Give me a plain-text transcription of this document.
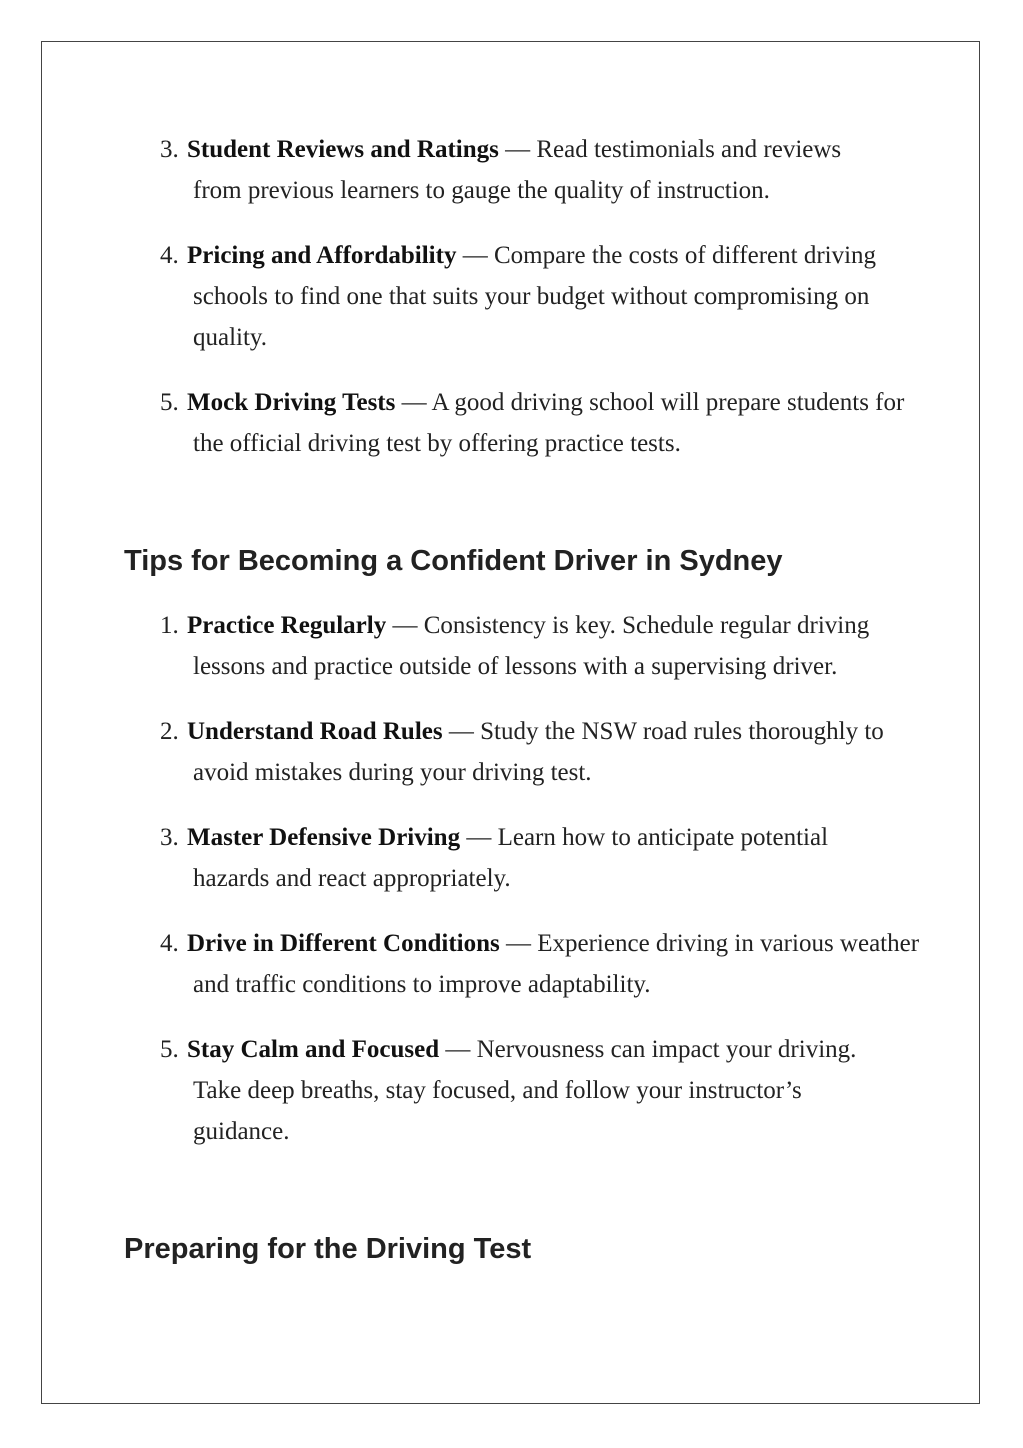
3. Student Reviews and Ratings — Read testimonials and reviews from previous learners to gauge the quality of instruction.
4. Pricing and Affordability — Compare the costs of different driving schools to find one that suits your budget without compromising on quality.
5. Mock Driving Tests — A good driving school will prepare students for the official driving test by offering practice tests.
Tips for Becoming a Confident Driver in Sydney
1. Practice Regularly — Consistency is key. Schedule regular driving lessons and practice outside of lessons with a supervising driver.
2. Understand Road Rules — Study the NSW road rules thoroughly to avoid mistakes during your driving test.
3. Master Defensive Driving — Learn how to anticipate potential hazards and react appropriately.
4. Drive in Different Conditions — Experience driving in various weather and traffic conditions to improve adaptability.
5. Stay Calm and Focused — Nervousness can impact your driving. Take deep breaths, stay focused, and follow your instructor’s guidance.
Preparing for the Driving Test
